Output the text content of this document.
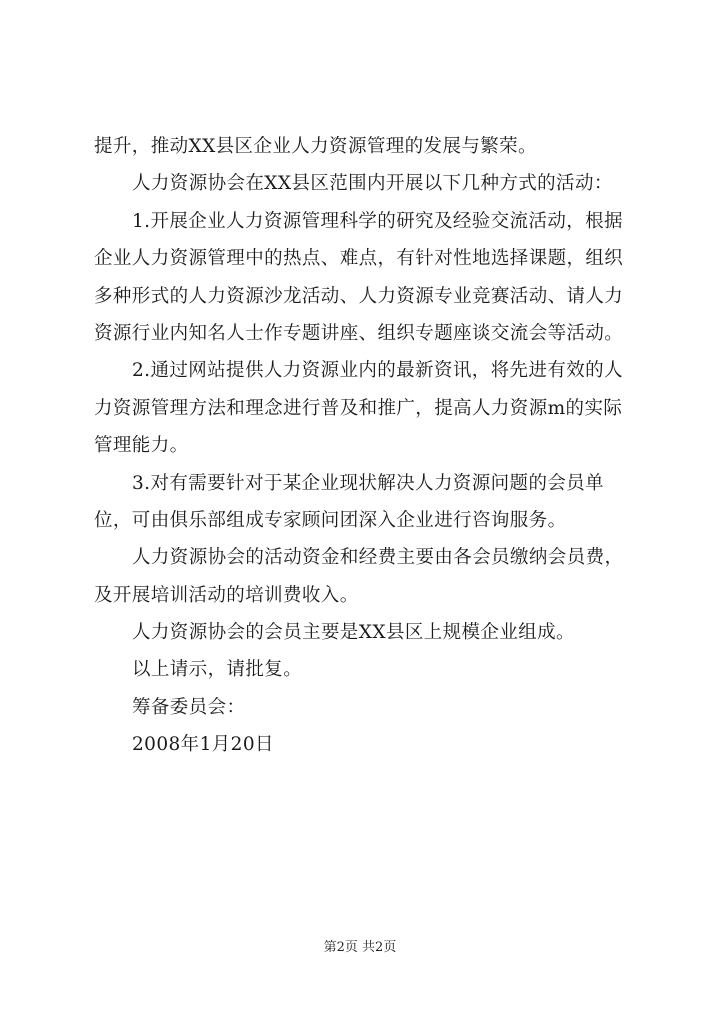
提升，推动XX县区企业人力资源管理的发展与繁荣。
人力资源协会在XX县区范围内开展以下几种方式的活动：
1.开展企业人力资源管理科学的研究及经验交流活动，根据
企业人力资源管理中的热点、难点，有针对性地选择课题，组织
多种形式的人力资源沙龙活动、人力资源专业竞赛活动、请人力
资源行业内知名人士作专题讲座、组织专题座谈交流会等活动。
2.通过网站提供人力资源业内的最新资讯，将先进有效的人
力资源管理方法和理念进行普及和推广，提高人力资源m的实际
管理能力。
3.对有需要针对于某企业现状解决人力资源问题的会员单
位，可由俱乐部组成专家顾问团深入企业进行咨询服务。
人力资源协会的活动资金和经费主要由各会员缴纳会员费，
及开展培训活动的培训费收入。
人力资源协会的会员主要是XX县区上规模企业组成。
以上请示，请批复。
筹备委员会：
2008年1月20日
第2页 共2页
